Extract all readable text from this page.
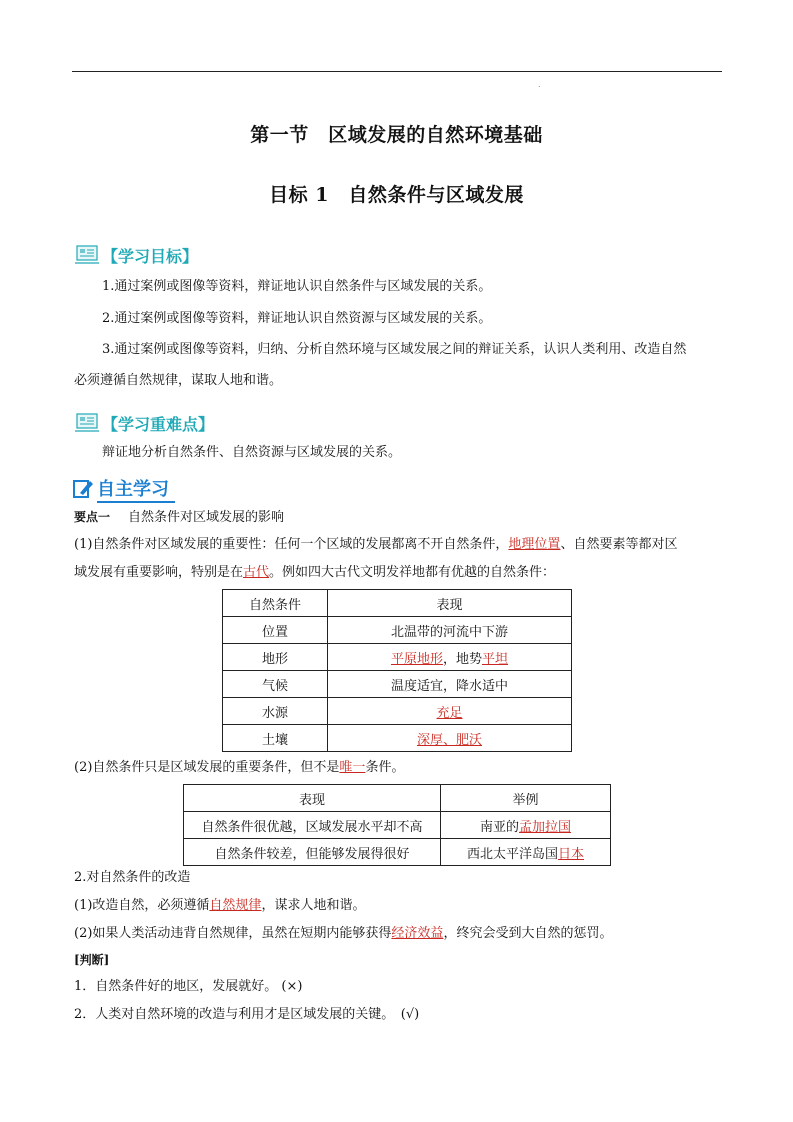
.
第一节　区域发展的自然环境基础
目标 1　自然条件与区域发展
【学习目标】
1.通过案例或图像等资料，辩证地认识自然条件与区域发展的关系。
2.通过案例或图像等资料，辩证地认识自然资源与区域发展的关系。
3.通过案例或图像等资料，归纳、分析自然环境与区域发展之间的辩证关系，认识人类利用、改造自然
必须遵循自然规律，谋取人地和谐。
【学习重难点】
辩证地分析自然条件、自然资源与区域发展的关系。
自主学习
要点一 自然条件对区域发展的影响
(1)自然条件对区域发展的重要性：任何一个区域的发展都离不开自然条件，地理位置、自然要素等都对区
域发展有重要影响，特别是在古代。例如四大古代文明发祥地都有优越的自然条件：
自然条件	表现
位置	北温带的河流中下游
地形	平原地形，地势平坦
气候	温度适宜，降水适中
水源	充足
土壤	深厚、肥沃
(2)自然条件只是区域发展的重要条件，但不是唯一条件。
表现	举例
自然条件很优越，区域发展水平却不高	南亚的孟加拉国
自然条件较差，但能够发展得很好	西北太平洋岛国日本
2.对自然条件的改造
(1)改造自然，必须遵循自然规律，谋求人地和谐。
(2)如果人类活动违背自然规律，虽然在短期内能够获得经济效益，终究会受到大自然的惩罚。
[判断]
1．自然条件好的地区，发展就好。 (×)
2．人类对自然环境的改造与利用才是区域发展的关键。　(√)
